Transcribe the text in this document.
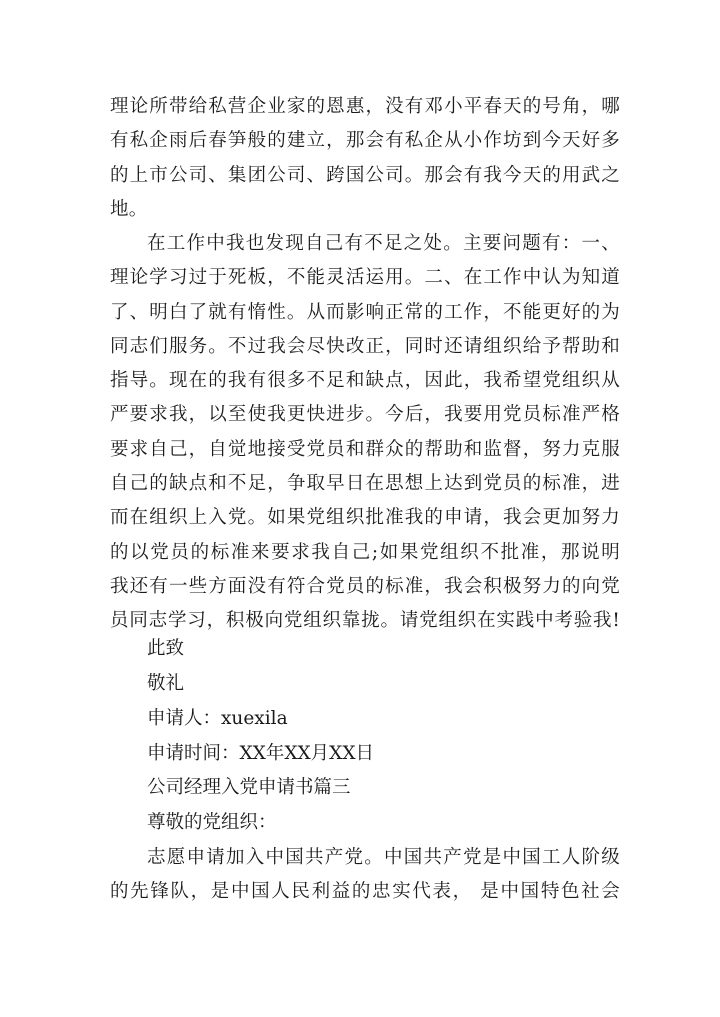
理论所带给私营企业家的恩惠，没有邓小平春天的号角，哪
有私企雨后春笋般的建立，那会有私企从小作坊到今天好多
的上市公司、集团公司、跨国公司。那会有我今天的用武之
地。
在工作中我也发现自己有不足之处。主要问题有：一、
理论学习过于死板，不能灵活运用。二、在工作中认为知道
了、明白了就有惰性。从而影响正常的工作，不能更好的为
同志们服务。不过我会尽快改正，同时还请组织给予帮助和
指导。现在的我有很多不足和缺点，因此，我希望党组织从
严要求我，以至使我更快进步。今后，我要用党员标准严格
要求自己，自觉地接受党员和群众的帮助和监督，努力克服
自己的缺点和不足，争取早日在思想上达到党员的标准，进
而在组织上入党。如果党组织批准我的申请，我会更加努力
的以党员的标准来要求我自己;如果党组织不批准，那说明
我还有一些方面没有符合党员的标准，我会积极努力的向党
员同志学习，积极向党组织靠拢。请党组织在实践中考验我!
此致
敬礼
申请人：xuexila
申请时间：XX年XX月XX日
公司经理入党申请书篇三
尊敬的党组织：
志愿申请加入中国共产党。中国共产党是中国工人阶级
的先锋队，是中国人民利益的忠实代表， 是中国特色社会
